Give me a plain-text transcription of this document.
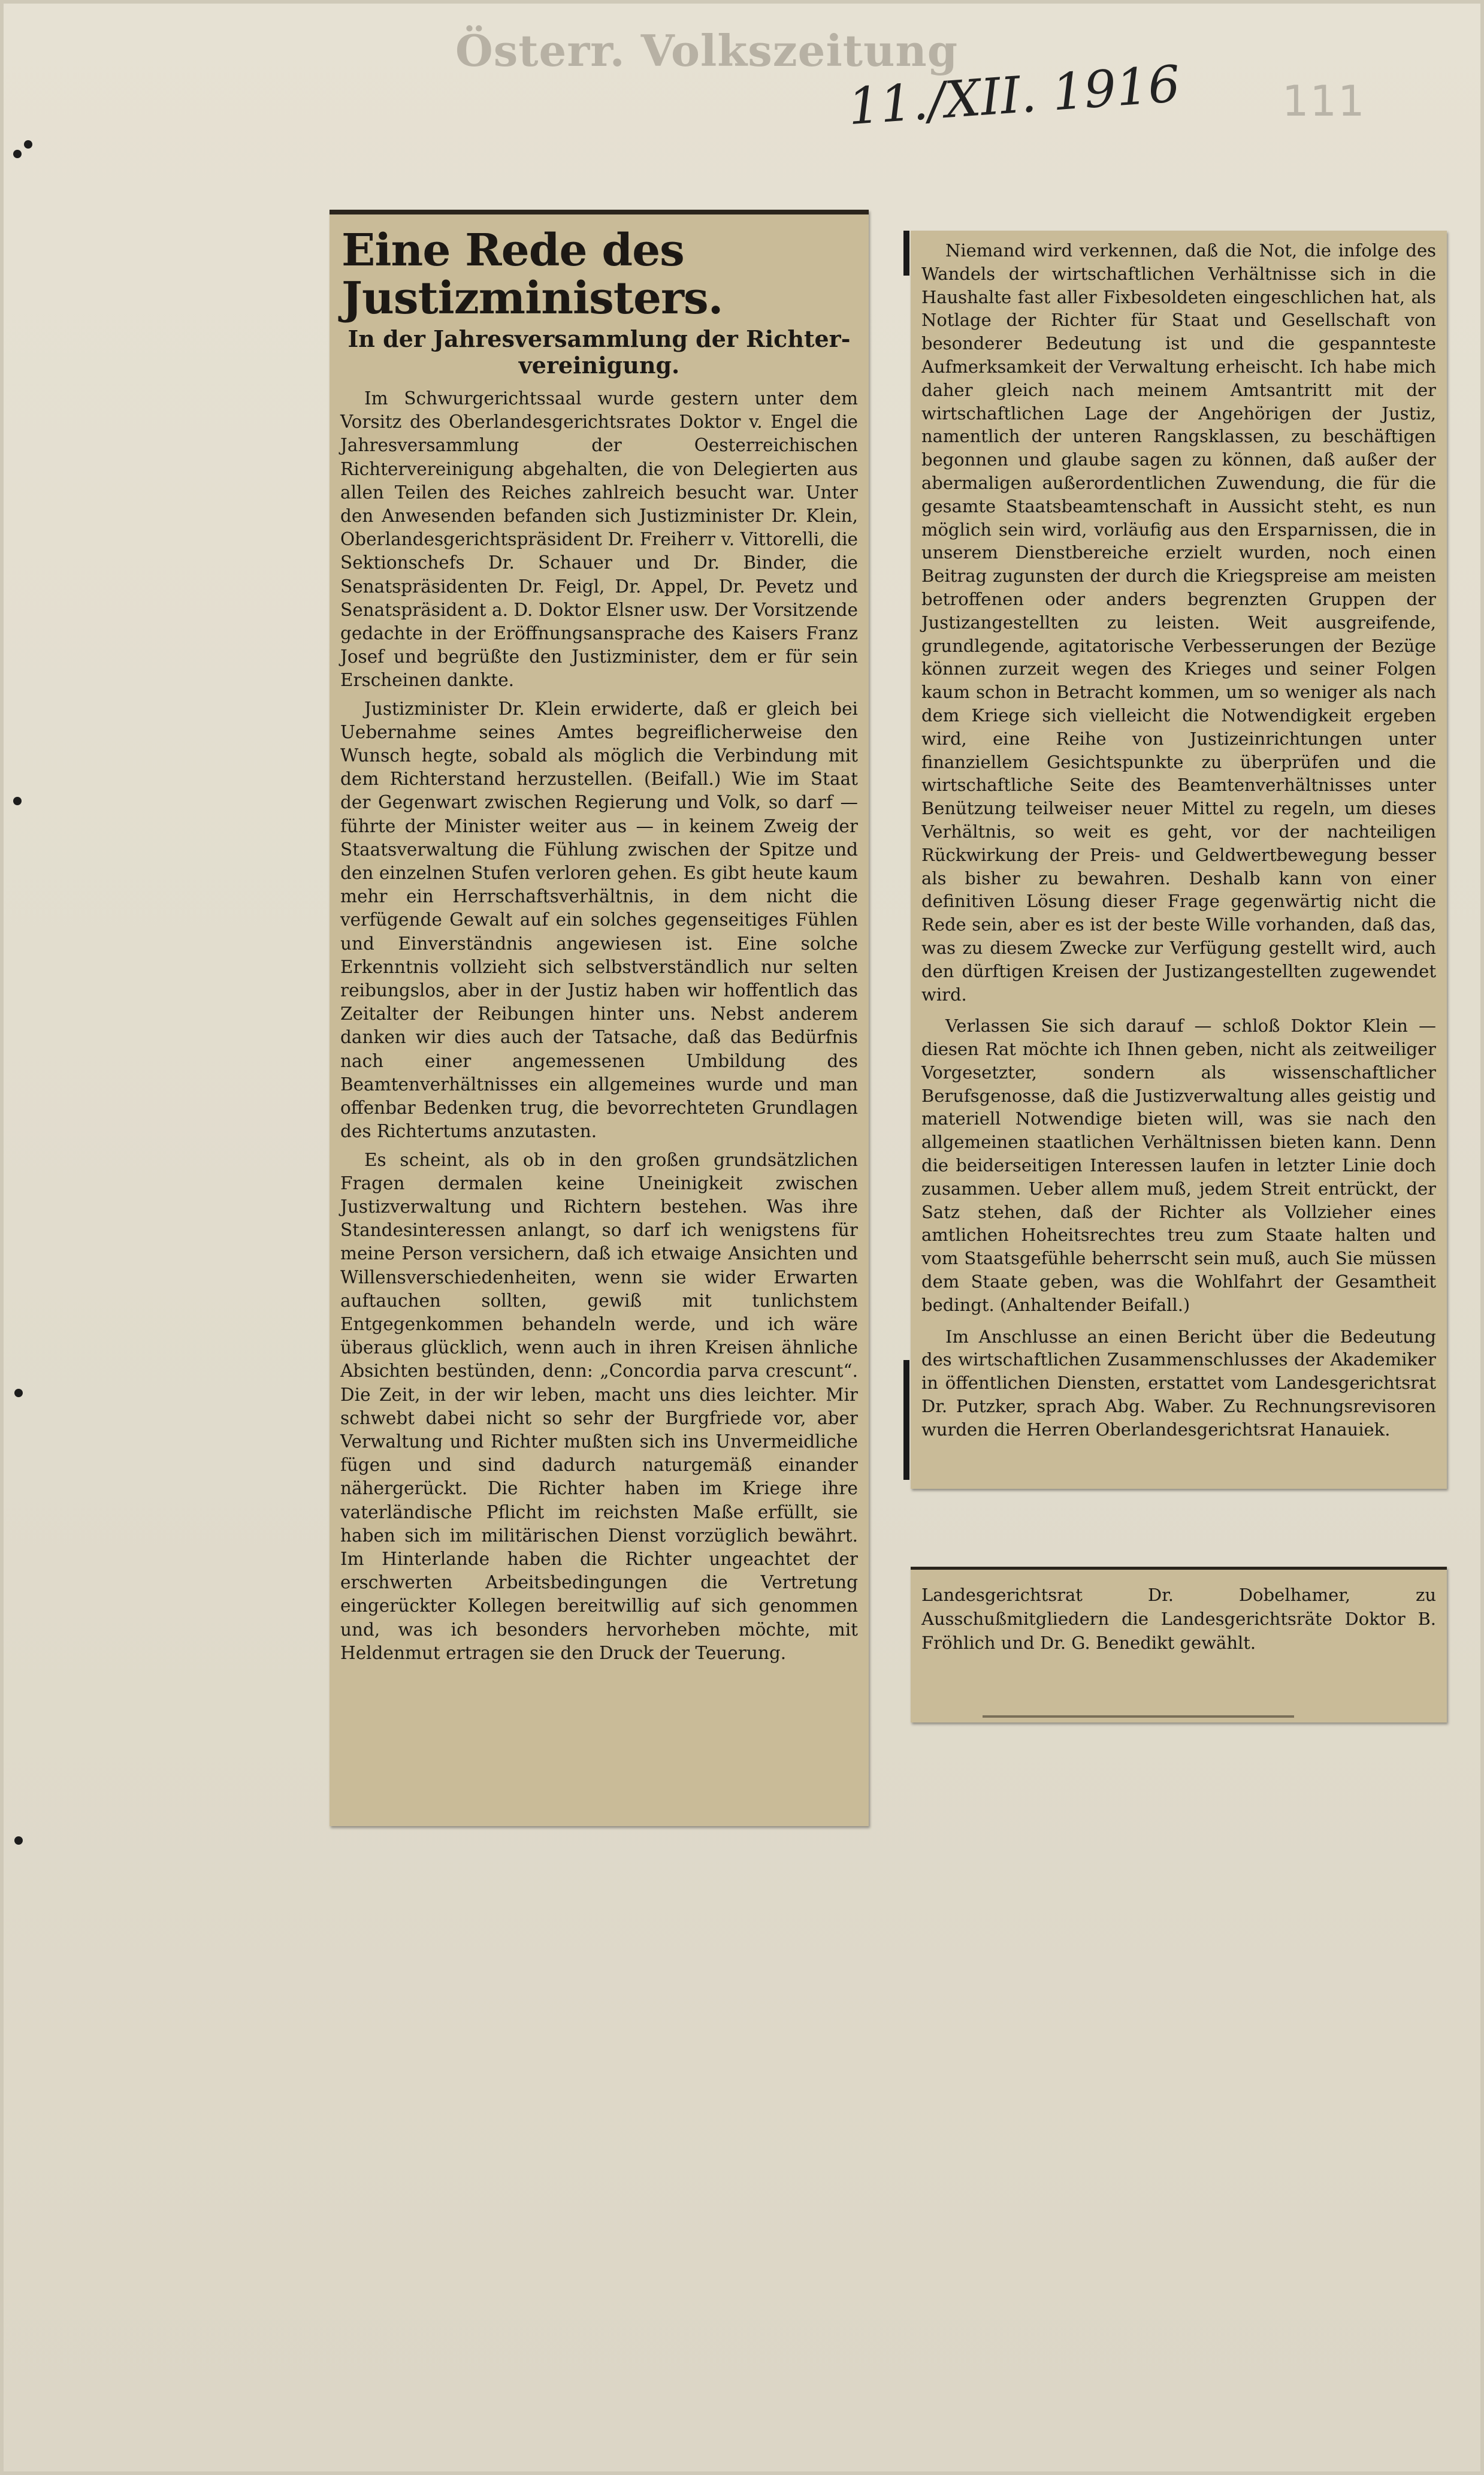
Österr. Volkszeitung
11./XII. 1916 111
Eine Rede des Justizministers.
In der Jahresversammlung der Richter-vereinigung.

Im Schwurgerichtssaal wurde gestern unter dem Vorsitz des Oberlandesgerichtsrates Doktor v. Engel die Jahresversammlung der Oesterreichischen Richtervereinigung abgehalten, die von Delegierten aus allen Teilen des Reiches zahlreich besucht war. Unter den Anwesenden befanden sich Justizminister Dr. Klein, Oberlandesgerichtspräsident Dr. Freiherr v. Vittorelli, die Sektionschefs Dr. Schauer und Dr. Binder, die Senatspräsidenten Dr. Feigl, Dr. Appel, Dr. Pevetz und Senatspräsident a. D. Doktor Elsner usw. Der Vorsitzende gedachte in der Eröffnungsansprache des Kaisers Franz Josef und begrüßte den Justizminister, dem er für sein Erscheinen dankte.

Justizminister Dr. Klein erwiderte, daß er gleich bei Uebernahme seines Amtes begreiflicherweise den Wunsch hegte, sobald als möglich die Verbindung mit dem Richterstand herzustellen. (Beifall.) Wie im Staat der Gegenwart zwischen Regierung und Volk, so darf — führte der Minister weiter aus — in keinem Zweig der Staatsverwaltung die Fühlung zwischen der Spitze und den einzelnen Stufen verloren gehen. Es gibt heute kaum mehr ein Herrschaftsverhältnis, in dem nicht die verfügende Gewalt auf ein solches gegenseitiges Fühlen und Einverständnis angewiesen ist. Eine solche Erkenntnis vollzieht sich selbstverständlich nur selten reibungslos, aber in der Justiz haben wir hoffentlich das Zeitalter der Reibungen hinter uns. Nebst anderem danken wir dies auch der Tatsache, daß das Bedürfnis nach einer angemessenen Umbildung des Beamtenverhältnisses ein allgemeines wurde und man offenbar Bedenken trug, die bevorrechteten Grundlagen des Richtertums anzutasten.

Es scheint, als ob in den großen grundsätzlichen Fragen dermalen keine Uneinigkeit zwischen Justizverwaltung und Richtern bestehen. Was ihre Standesinteressen anlangt, so darf ich wenigstens für meine Person versichern, daß ich etwaige Ansichten und Willensverschiedenheiten, wenn sie wider Erwarten auftauchen sollten, gewiß mit tunlichstem Entgegenkommen behandeln werde, und ich wäre überaus glücklich, wenn auch in ihren Kreisen ähnliche Absichten bestünden, denn: „Concordia parva crescunt“. Die Zeit, in der wir leben, macht uns dies leichter. Mir schwebt dabei nicht so sehr der Burgfriede vor, aber Verwaltung und Richter mußten sich ins Unvermeidliche fügen und sind dadurch naturgemäß einander nähergerückt. Die Richter haben im Kriege ihre vaterländische Pflicht im reichsten Maße erfüllt, sie haben sich im militärischen Dienst vorzüglich bewährt. Im Hinterlande haben die Richter ungeachtet der erschwerten Arbeitsbedingungen die Vertretung eingerückter Kollegen bereitwillig auf sich genommen und, was ich besonders hervorheben möchte, mit Heldenmut ertragen sie den Druck der Teuerung.

Niemand wird verkennen, daß die Not, die infolge des Wandels der wirtschaftlichen Verhältnisse sich in die Haushalte fast aller Fixbesoldeten eingeschlichen hat, als Notlage der Richter für Staat und Gesellschaft von besonderer Bedeutung ist und die gespannteste Aufmerksamkeit der Verwaltung erheischt. Ich habe mich daher gleich nach meinem Amtsantritt mit der wirtschaftlichen Lage der Angehörigen der Justiz, namentlich der unteren Rangsklassen, zu beschäftigen begonnen und glaube sagen zu können, daß außer der abermaligen außerordentlichen Zuwendung, die für die gesamte Staatsbeamtenschaft in Aussicht steht, es nun möglich sein wird, vorläufig aus den Ersparnissen, die in unserem Dienstbereiche erzielt wurden, noch einen Beitrag zugunsten der durch die Kriegspreise am meisten betroffenen oder anders begrenzten Gruppen der Justizangestellten zu leisten. Weit ausgreifende, grundlegende, agitatorische Verbesserungen der Bezüge können zurzeit wegen des Krieges und seiner Folgen kaum schon in Betracht kommen, um so weniger als nach dem Kriege sich vielleicht die Notwendigkeit ergeben wird, eine Reihe von Justizeinrichtungen unter finanziellem Gesichtspunkte zu überprüfen und die wirtschaftliche Seite des Beamtenverhältnisses unter Benützung teilweiser neuer Mittel zu regeln, um dieses Verhältnis, so weit es geht, vor der nachteiligen Rückwirkung der Preis- und Geldwertbewegung besser als bisher zu bewahren. Deshalb kann von einer definitiven Lösung dieser Frage gegenwärtig nicht die Rede sein, aber es ist der beste Wille vorhanden, daß das, was zu diesem Zwecke zur Verfügung gestellt wird, auch den dürftigen Kreisen der Justizangestellten zugewendet wird.

Verlassen Sie sich darauf — schloß Doktor Klein — diesen Rat möchte ich Ihnen geben, nicht als zeitweiliger Vorgesetzter, sondern als wissenschaftlicher Berufsgenosse, daß die Justizverwaltung alles geistig und materiell Notwendige bieten will, was sie nach den allgemeinen staatlichen Verhältnissen bieten kann. Denn die beiderseitigen Interessen laufen in letzter Linie doch zusammen. Ueber allem muß, jedem Streit entrückt, der Satz stehen, daß der Richter als Vollzieher eines amtlichen Hoheitsrechtes treu zum Staate halten und vom Staatsgefühle beherrscht sein muß, auch Sie müssen dem Staate geben, was die Wohlfahrt der Gesamtheit bedingt. (Anhaltender Beifall.)

Im Anschlusse an einen Bericht über die Bedeutung des wirtschaftlichen Zusammenschlusses der Akademiker in öffentlichen Diensten, erstattet vom Landesgerichtsrat Dr. Putzker, sprach Abg. Waber. Zu Rechnungsrevisoren wurden die Herren Oberlandesgerichtsrat Hanauiek.

Landesgerichtsrat Dr. Dobelhamer, zu Ausschußmitgliedern die Landesgerichtsräte Doktor B. Fröhlich und Dr. G. Benedikt gewählt.
